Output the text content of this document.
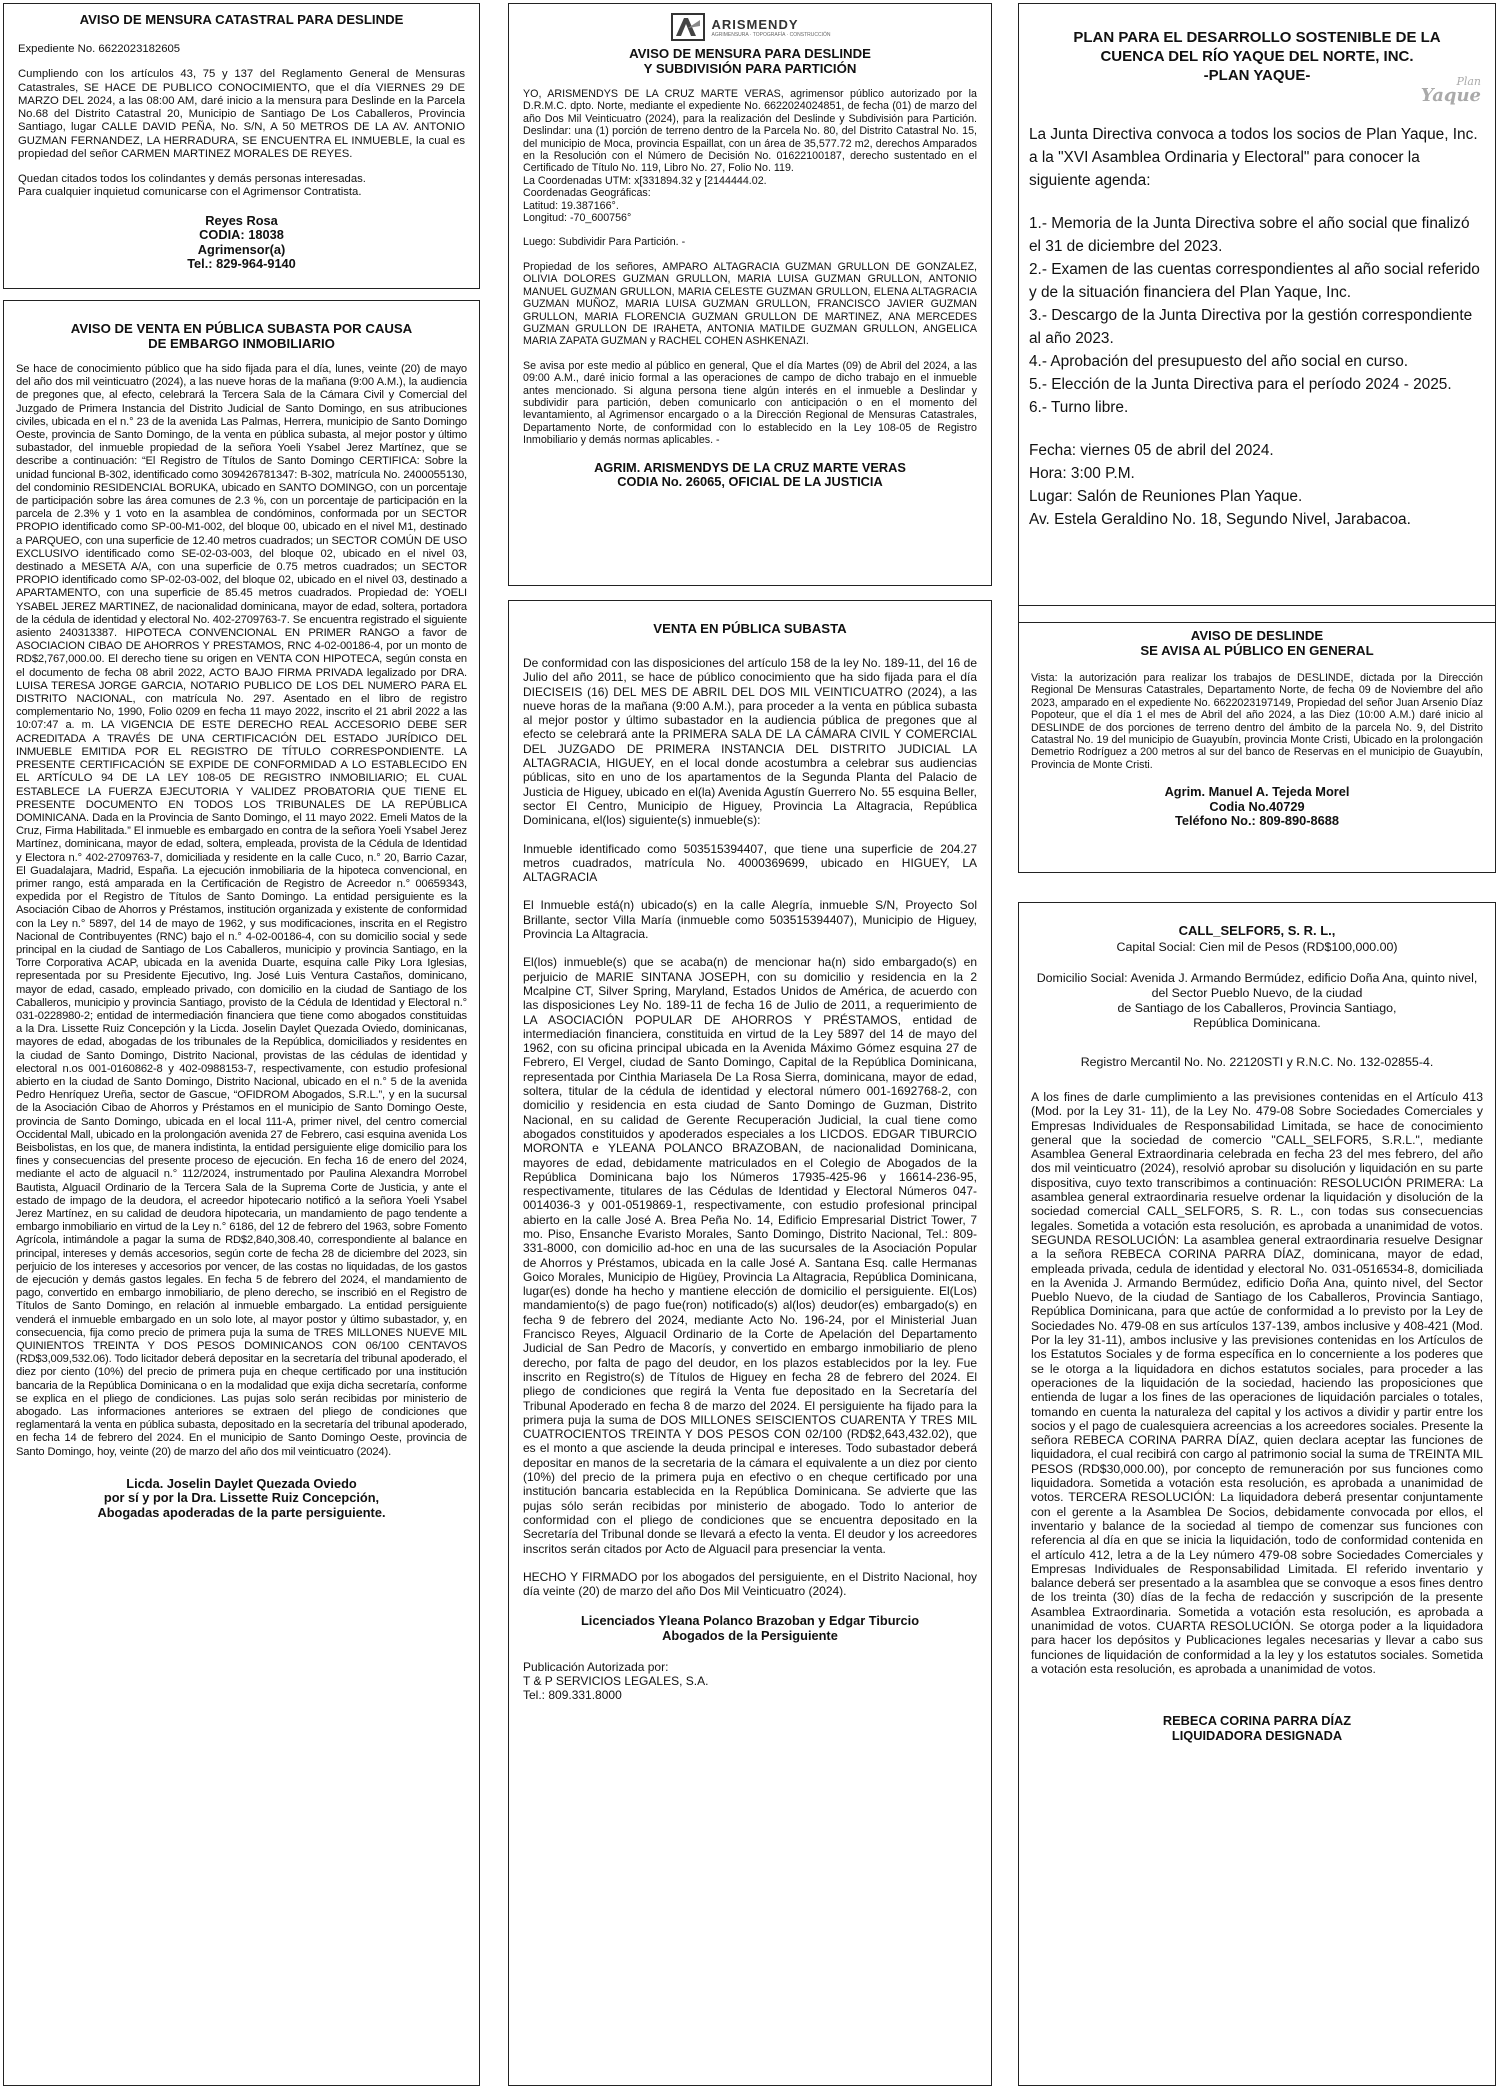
AVISO DE MENSURA CATASTRAL PARA DESLINDE

Expediente No. 6622023182605

Cumpliendo con los artículos 43, 75 y 137 del Reglamento General de Mensuras Catastrales, SE HACE DE PUBLICO CONOCIMIENTO, que el día VIERNES 29 DE MARZO DEL 2024, a las 08:00 AM, daré inicio a la mensura para Deslinde en la Parcela No.68 del Distrito Catastral 20, Municipio de Santiago De Los Caballeros, Provincia Santiago, lugar CALLE DAVID PEÑA, No. S/N, A 50 METROS DE LA AV. ANTONIO GUZMAN FERNANDEZ, LA HERRADURA, SE ENCUENTRA EL INMUEBLE, la cual es propiedad del señor CARMEN MARTINEZ MORALES DE REYES.

Quedan citados todos los colindantes y demás personas interesadas.
Para cualquier inquietud comunicarse con el Agrimensor Contratista.

Reyes Rosa
CODIA: 18038
Agrimensor(a)
Tel.: 829-964-9140

AVISO DE VENTA EN PÚBLICA SUBASTA POR CAUSA
DE EMBARGO INMOBILIARIO

Se hace de conocimiento público que ha sido fijada para el día, lunes, veinte (20) de mayo del año dos mil veinticuatro (2024), a las nueve horas de la mañana (9:00 A.M.), la audiencia de pregones que, al efecto, celebrará la Tercera Sala de la Cámara Civil y Comercial del Juzgado de Primera Instancia del Distrito Judicial de Santo Domingo, en sus atribuciones civiles, ubicada en el n.° 23 de la avenida Las Palmas, Herrera, municipio de Santo Domingo Oeste, provincia de Santo Domingo, de la venta en pública subasta, al mejor postor y último subastador, del inmueble propiedad de la señora Yoeli Ysabel Jerez Martínez, que se describe a continuación: “El Registro de Títulos de Santo Domingo CERTIFICA: Sobre la unidad funcional B-302, identificado como 309426781347: B-302, matrícula No. 2400055130, del condominio RESIDENCIAL BORUKA, ubicado en SANTO DOMINGO, con un porcentaje de participación sobre las área comunes de 2.3 %, con un porcentaje de participación en la parcela de 2.3% y 1 voto en la asamblea de condóminos, conformada por un SECTOR PROPIO identificado como SP-00-M1-002, del bloque 00, ubicado en el nivel M1, destinado a PARQUEO, con una superficie de 12.40 metros cuadrados; un SECTOR COMÚN DE USO EXCLUSIVO identificado como SE-02-03-003, del bloque 02, ubicado en el nivel 03, destinado a MESETA A/A, con una superficie de 0.75 metros cuadrados; un SECTOR PROPIO identificado como SP-02-03-002, del bloque 02, ubicado en el nivel 03, destinado a APARTAMENTO, con una superficie de 85.45 metros cuadrados. Propiedad de: YOELI YSABEL JEREZ MARTINEZ, de nacionalidad dominicana, mayor de edad, soltera, portadora de la cédula de identidad y electoral No. 402-2709763-7. Se encuentra registrado el siguiente asiento 240313387. HIPOTECA CONVENCIONAL EN PRIMER RANGO a favor de ASOCIACION CIBAO DE AHORROS Y PRESTAMOS, RNC 4-02-00186-4, por un monto de RD$2,767,000.00. El derecho tiene su origen en VENTA CON HIPOTECA, según consta en el documento de fecha 08 abril 2022, ACTO BAJO FIRMA PRIVADA legalizado por DRA. LUISA TERESA JORGE GARCIA, NOTARIO PUBLICO DE LOS DEL NUMERO PARA EL DISTRITO NACIONAL, con matrícula No. 297. Asentado en el libro de registro complementario No, 1990, Folio 0209 en fecha 11 mayo 2022, inscrito el 21 abril 2022 a las 10:07:47 a. m. LA VIGENCIA DE ESTE DERECHO REAL ACCESORIO DEBE SER ACREDITADA A TRAVÉS DE UNA CERTIFICACIÓN DEL ESTADO JURÍDICO DEL INMUEBLE EMITIDA POR EL REGISTRO DE TÍTULO CORRESPONDIENTE. LA PRESENTE CERTIFICACIÓN SE EXPIDE DE CONFORMIDAD A LO ESTABLECIDO EN EL ARTÍCULO 94 DE LA LEY 108-05 DE REGISTRO INMOBILIARIO; EL CUAL ESTABLECE LA FUERZA EJECUTORIA Y VALIDEZ PROBATORIA QUE TIENE EL PRESENTE DOCUMENTO EN TODOS LOS TRIBUNALES DE LA REPÚBLICA DOMINICANA. Dada en la Provincia de Santo Domingo, el 11 mayo 2022. Emeli Matos de la Cruz, Firma Habilitada.” El inmueble es embargado en contra de la señora Yoeli Ysabel Jerez Martínez, dominicana, mayor de edad, soltera, empleada, provista de la Cédula de Identidad y Electora n.° 402-2709763-7, domiciliada y residente en la calle Cuco, n.° 20, Barrio Cazar, El Guadalajara, Madrid, España. La ejecución inmobiliaria de la hipoteca convencional, en primer rango, está amparada en la Certificación de Registro de Acreedor n.° 00659343, expedida por el Registro de Títulos de Santo Domingo. La entidad persiguiente es la Asociación Cibao de Ahorros y Préstamos, institución organizada y existente de conformidad con la Ley n.° 5897, del 14 de mayo de 1962, y sus modificaciones, inscrita en el Registro Nacional de Contribuyentes (RNC) bajo el n.° 4-02-00186-4, con su domicilio social y sede principal en la ciudad de Santiago de Los Caballeros, municipio y provincia Santiago, en la Torre Corporativa ACAP, ubicada en la avenida Duarte, esquina calle Piky Lora Iglesias, representada por su Presidente Ejecutivo, Ing. José Luis Ventura Castaños, dominicano, mayor de edad, casado, empleado privado, con domicilio en la ciudad de Santiago de los Caballeros, municipio y provincia Santiago, provisto de la Cédula de Identidad y Electoral n.° 031-0228980-2; entidad de intermediación financiera que tiene como abogados constituidas a la Dra. Lissette Ruiz Concepción y la Licda. Joselin Daylet Quezada Oviedo, dominicanas, mayores de edad, abogadas de los tribunales de la República, domiciliados y residentes en la ciudad de Santo Domingo, Distrito Nacional, provistas de las cédulas de identidad y electoral n.os 001-0160862-8 y 402-0988153-7, respectivamente, con estudio profesional abierto en la ciudad de Santo Domingo, Distrito Nacional, ubicado en el n.° 5 de la avenida Pedro Henríquez Ureña, sector de Gascue, “OFIDROM Abogados, S.R.L.”, y en la sucursal de la Asociación Cibao de Ahorros y Préstamos en el municipio de Santo Domingo Oeste, provincia de Santo Domingo, ubicada en el local 111-A, primer nivel, del centro comercial Occidental Mall, ubicado en la prolongación avenida 27 de Febrero, casi esquina avenida Los Beisbolistas, en los que, de manera indistinta, la entidad persiguiente elige domicilio para los fines y consecuencias del presente proceso de ejecución. En fecha 16 de enero del 2024, mediante el acto de alguacil n.° 112/2024, instrumentado por Paulina Alexandra Morrobel Bautista, Alguacil Ordinario de la Tercera Sala de la Suprema Corte de Justicia, y ante el estado de impago de la deudora, el acreedor hipotecario notificó a la señora Yoeli Ysabel Jerez Martínez, en su calidad de deudora hipotecaria, un mandamiento de pago tendente a embargo inmobiliario en virtud de la Ley n.° 6186, del 12 de febrero del 1963, sobre Fomento Agrícola, intimándole a pagar la suma de RD$2,840,308.40, correspondiente al balance en principal, intereses y demás accesorios, según corte de fecha 28 de diciembre del 2023, sin perjuicio de los intereses y accesorios por vencer, de las costas no liquidadas, de los gastos de ejecución y demás gastos legales. En fecha 5 de febrero del 2024, el mandamiento de pago, convertido en embargo inmobiliario, de pleno derecho, se inscribió en el Registro de Títulos de Santo Domingo, en relación al inmueble embargado. La entidad persiguiente venderá el inmueble embargado en un solo lote, al mayor postor y último subastador, y, en consecuencia, fija como precio de primera puja la suma de TRES MILLONES NUEVE MIL QUINIENTOS TREINTA Y DOS PESOS DOMINICANOS CON 06/100 CENTAVOS (RD$3,009,532.06). Todo licitador deberá depositar en la secretaría del tribunal apoderado, el diez por ciento (10%) del precio de primera puja en cheque certificado por una institución bancaria de la República Dominicana o en la modalidad que exija dicha secretaría, conforme se explica en el pliego de condiciones. Las pujas solo serán recibidas por ministerio de abogado. Las informaciones anteriores se extraen del pliego de condiciones que reglamentará la venta en pública subasta, depositado en la secretaría del tribunal apoderado, en fecha 14 de febrero del 2024. En el municipio de Santo Domingo Oeste, provincia de Santo Domingo, hoy, veinte (20) de marzo del año dos mil veinticuatro (2024).

Licda. Joselin Daylet Quezada Oviedo
por sí y por la Dra. Lissette Ruiz Concepción,
Abogadas apoderadas de la parte persiguiente.

ARISMENDY
AGRIMENSURA · TOPOGRAFÍA · CONSTRUCCIÓN

AVISO DE MENSURA PARA DESLINDE
Y SUBDIVISIÓN PARA PARTICIÓN

YO, ARISMENDYS DE LA CRUZ MARTE VERAS, agrimensor público autorizado por la D.R.M.C. dpto. Norte, mediante el expediente No. 6622024024851, de fecha (01) de marzo del año Dos Mil Veinticuatro (2024), para la realización del Deslinde y Subdivisión para Partición. Deslindar: una (1) porción de terreno dentro de la Parcela No. 80, del Distrito Catastral No. 15, del municipio de Moca, provincia Espaillat, con un área de 35,577.72 m2, derechos Amparados en la Resolución con el Número de Decisión No. 01622100187, derecho sustentado en el Certificado de Título No. 119, Libro No. 27, Folio No. 119.
La Coordenadas UTM: x[331894.32 y [2144444.02.
Coordenadas Geográficas:
Latitud: 19.387166°.
Longitud: -70_600756°

Luego: Subdividir Para Partición. -

Propiedad de los señores, AMPARO ALTAGRACIA GUZMAN GRULLON DE GONZALEZ, OLIVIA DOLORES GUZMAN GRULLON, MARIA LUISA GUZMAN GRULLON, ANTONIO MANUEL GUZMAN GRULLON, MARIA CELESTE GUZMAN GRULLON, ELENA ALTAGRACIA GUZMAN MUÑOZ, MARIA LUISA GUZMAN GRULLON, FRANCISCO JAVIER GUZMAN GRULLON, MARIA FLORENCIA GUZMAN GRULLON DE MARTINEZ, ANA MERCEDES GUZMAN GRULLON DE IRAHETA, ANTONIA MATILDE GUZMAN GRULLON, ANGELICA MARIA ZAPATA GUZMAN y RACHEL COHEN ASHKENAZI.

Se avisa por este medio al público en general, Que el día Martes (09) de Abril del 2024, a las 09:00 A.M., daré inicio formal a las operaciones de campo de dicho trabajo en el inmueble antes mencionado. Si alguna persona tiene algún interés en el inmueble a Deslindar y subdividir para partición, deben comunicarlo con anticipación o en el momento del levantamiento, al Agrimensor encargado o a la Dirección Regional de Mensuras Catastrales, Departamento Norte, de conformidad con lo establecido en la Ley 108-05 de Registro Inmobiliario y demás normas aplicables. -

AGRIM. ARISMENDYS DE LA CRUZ MARTE VERAS
CODIA No. 26065, OFICIAL DE LA JUSTICIA

VENTA EN PÚBLICA SUBASTA

De conformidad con las disposiciones del artículo 158 de la ley No. 189-11, del 16 de Julio del año 2011, se hace de público conocimiento que ha sido fijada para el día DIECISEIS (16) DEL MES DE ABRIL DEL DOS MIL VEINTICUATRO (2024), a las nueve horas de la mañana (9:00 A.M.), para proceder a la venta en pública subasta al mejor postor y último subastador en la audiencia pública de pregones que al efecto se celebrará ante la PRIMERA SALA DE LA CÁMARA CIVIL Y COMERCIAL DEL JUZGADO DE PRIMERA INSTANCIA DEL DISTRITO JUDICIAL LA ALTAGRACIA, HIGUEY, en el local donde acostumbra a celebrar sus audiencias públicas, sito en uno de los apartamentos de la Segunda Planta del Palacio de Justicia de Higuey, ubicado en el(la) Avenida Agustín Guerrero No. 55 esquina Beller, sector El Centro, Municipio de Higuey, Provincia La Altagracia, República Dominicana, el(los) siguiente(s) inmueble(s):

Inmueble identificado como 503515394407, que tiene una superficie de 204.27 metros cuadrados, matrícula No. 4000369699, ubicado en HIGUEY, LA ALTAGRACIA

El Inmueble está(n) ubicado(s) en la calle Alegría, inmueble S/N, Proyecto Sol Brillante, sector Villa María (inmueble como 503515394407), Municipio de Higuey, Provincia La Altagracia.

El(los) inmueble(s) que se acaba(n) de mencionar ha(n) sido embargado(s) en perjuicio de MARIE SINTANA JOSEPH, con su domicilio y residencia en la 2 Mcalpine CT, Silver Spring, Maryland, Estados Unidos de América, de acuerdo con las disposiciones Ley No. 189-11 de fecha 16 de Julio de 2011, a requerimiento de LA ASOCIACIÓN POPULAR DE AHORROS Y PRÉSTAMOS, entidad de intermediación financiera, constituida en virtud de la Ley 5897 del 14 de mayo del 1962, con su oficina principal ubicada en la Avenida Máximo Gómez esquina 27 de Febrero, El Vergel, ciudad de Santo Domingo, Capital de la República Dominicana, representada por Cinthia Mariasela De La Rosa Sierra, dominicana, mayor de edad, soltera, titular de la cédula de identidad y electoral número 001-1692768-2, con domicilio y residencia en esta ciudad de Santo Domingo de Guzman, Distrito Nacional, en su calidad de Gerente Recuperación Judicial, la cual tiene como abogados constituidos y apoderados especiales a los LICDOS. EDGAR TIBURCIO MORONTA e YLEANA POLANCO BRAZOBAN, de nacionalidad Dominicana, mayores de edad, debidamente matriculados en el Colegio de Abogados de la República Dominicana bajo los Números 17935-425-96 y 16614-236-95, respectivamente, titulares de las Cédulas de Identidad y Electoral Números 047-0014036-3 y 001-0519869-1, respectivamente, con estudio profesional principal abierto en la calle José A. Brea Peña No. 14, Edificio Empresarial District Tower, 7 mo. Piso, Ensanche Evaristo Morales, Santo Domingo, Distrito Nacional, Tel.: 809-331-8000, con domicilio ad-hoc en una de las sucursales de la Asociación Popular de Ahorros y Préstamos, ubicada en la calle José A. Santana Esq. calle Hermanas Goico Morales, Municipio de Higüey, Provincia La Altagracia, República Dominicana, lugar(es) donde ha hecho y mantiene elección de domicilio el persiguiente. El(Los) mandamiento(s) de pago fue(ron) notificado(s) al(los) deudor(es) embargado(s) en fecha 9 de febrero del 2024, mediante Acto No. 196-24, por el Ministerial Juan Francisco Reyes, Alguacil Ordinario de la Corte de Apelación del Departamento Judicial de San Pedro de Macorís, y convertido en embargo inmobiliario de pleno derecho, por falta de pago del deudor, en los plazos establecidos por la ley. Fue inscrito en Registro(s) de Títulos de Higuey en fecha 28 de febrero del 2024. El pliego de condiciones que regirá la Venta fue depositado en la Secretaría del Tribunal Apoderado en fecha 8 de marzo del 2024. El persiguiente ha fijado para la primera puja la suma de DOS MILLONES SEISCIENTOS CUARENTA Y TRES MIL CUATROCIENTOS TREINTA Y DOS PESOS CON 02/100 (RD$2,643,432.02), que es el monto a que asciende la deuda principal e intereses. Todo subastador deberá depositar en manos de la secretaria de la cámara el equivalente a un diez por ciento (10%) del precio de la primera puja en efectivo o en cheque certificado por una institución bancaria establecida en la República Dominicana. Se advierte que las pujas sólo serán recibidas por ministerio de abogado. Todo lo anterior de conformidad con el pliego de condiciones que se encuentra depositado en la Secretaría del Tribunal donde se llevará a efecto la venta. El deudor y los acreedores inscritos serán citados por Acto de Alguacil para presenciar la venta.

HECHO Y FIRMADO por los abogados del persiguiente, en el Distrito Nacional, hoy día veinte (20) de marzo del año Dos Mil Veinticuatro (2024).

Licenciados Yleana Polanco Brazoban y Edgar Tiburcio
Abogados de la Persiguiente

Publicación Autorizada por:
T & P SERVICIOS LEGALES, S.A.
Tel.: 809.331.8000

PLAN PARA EL DESARROLLO SOSTENIBLE DE LA
CUENCA DEL RÍO YAQUE DEL NORTE, INC.
-PLAN YAQUE-	Plan
Yaque

La Junta Directiva convoca a todos los socios de Plan Yaque, Inc. a la "XVI Asamblea Ordinaria y Electoral" para conocer la siguiente agenda:

1.- Memoria de la Junta Directiva sobre el año social que finalizó el 31 de diciembre del 2023.
2.- Examen de las cuentas correspondientes al año social referido y de la situación financiera del Plan Yaque, Inc.
3.- Descargo de la Junta Directiva por la gestión correspondiente al año 2023.
4.- Aprobación del presupuesto del año social en curso.
5.- Elección de la Junta Directiva para el período 2024 - 2025.
6.- Turno libre.

Fecha: viernes 05 de abril del 2024.
Hora: 3:00 P.M.
Lugar: Salón de Reuniones Plan Yaque.
Av. Estela Geraldino No. 18, Segundo Nivel, Jarabacoa.

AVISO DE DESLINDE
SE AVISA AL PÚBLICO EN GENERAL

Vista: la autorización para realizar los trabajos de DESLINDE, dictada por la Dirección Regional De Mensuras Catastrales, Departamento Norte, de fecha 09 de Noviembre del año 2023, amparado en el expediente No. 6622023197149, Propiedad del señor Juan Arsenio Díaz Popoteur, que el día 1 el mes de Abril del año 2024, a las Diez (10:00 A.M.) daré inicio al DESLINDE de dos porciones de terreno dentro del ámbito de la parcela No. 9, del Distrito Catastral No. 19 del municipio de Guayubín, provincia Monte Cristi, Ubicado en la prolongación Demetrio Rodríguez a 200 metros al sur del banco de Reservas en el municipio de Guayubín, Provincia de Monte Cristi.

Agrim. Manuel A. Tejeda Morel
Codia No.40729
Teléfono No.: 809-890-8688

CALL_SELFOR5, S. R. L.,

Capital Social: Cien mil de Pesos (RD$100,000.00)

Domicilio Social: Avenida J. Armando Bermúdez, edificio Doña Ana, quinto nivel, del Sector Pueblo Nuevo, de la ciudad
de Santiago de los Caballeros, Provincia Santiago,
República Dominicana.

Registro Mercantil No. No. 22120STI y R.N.C. No. 132-02855-4.

A los fines de darle cumplimiento a las previsiones contenidas en el Artículo 413 (Mod. por la Ley 31- 11), de la Ley No. 479-08 Sobre Sociedades Comerciales y Empresas Individuales de Responsabilidad Limitada, se hace de conocimiento general que la sociedad de comercio "CALL_SELFOR5, S.R.L.", mediante Asamblea General Extraordinaria celebrada en fecha 23 del mes febrero, del año dos mil veinticuatro (2024), resolvió aprobar su disolución y liquidación en su parte dispositiva, cuyo texto transcribimos a continuación: RESOLUCIÓN PRIMERA: La asamblea general extraordinaria resuelve ordenar la liquidación y disolución de la sociedad comercial CALL_SELFOR5, S. R. L., con todas sus consecuencias legales. Sometida a votación esta resolución, es aprobada a unanimidad de votos. SEGUNDA RESOLUCIÓN: La asamblea general extraordinaria resuelve Designar a la señora REBECA CORINA PARRA DÍAZ, dominicana, mayor de edad, empleada privada, cedula de identidad y electoral No. 031-0516534-8, domiciliada en la Avenida J. Armando Bermúdez, edificio Doña Ana, quinto nivel, del Sector Pueblo Nuevo, de la ciudad de Santiago de los Caballeros, Provincia Santiago, República Dominicana, para que actúe de conformidad a lo previsto por la Ley de Sociedades No. 479-08 en sus artículos 137-139, ambos inclusive y 408-421 (Mod. Por la ley 31-11), ambos inclusive y las previsiones contenidas en los Artículos de los Estatutos Sociales y de forma específica en lo concerniente a los poderes que se le otorga a la liquidadora en dichos estatutos sociales, para proceder a las operaciones de la liquidación de la sociedad, haciendo las proposiciones que entienda de lugar a los fines de las operaciones de liquidación parciales o totales, tomando en cuenta la naturaleza del capital y los activos a dividir y partir entre los socios y el pago de cualesquiera acreencias a los acreedores sociales. Presente la señora REBECA CORINA PARRA DÍAZ, quien declara aceptar las funciones de liquidadora, el cual recibirá con cargo al patrimonio social la suma de TREINTA MIL PESOS (RD$30,000.00), por concepto de remuneración por sus funciones como liquidadora. Sometida a votación esta resolución, es aprobada a unanimidad de votos. TERCERA RESOLUCIÓN: La liquidadora deberá presentar conjuntamente con el gerente a la Asamblea De Socios, debidamente convocada por ellos, el inventario y balance de la sociedad al tiempo de comenzar sus funciones con referencia al día en que se inicia la liquidación, todo de conformidad contenida en el artículo 412, letra a de la Ley número 479-08 sobre Sociedades Comerciales y Empresas Individuales de Responsabilidad Limitada. El referido inventario y balance deberá ser presentado a la asamblea que se convoque a esos fines dentro de los treinta (30) días de la fecha de redacción y suscripción de la presente Asamblea Extraordinaria. Sometida a votación esta resolución, es aprobada a unanimidad de votos. CUARTA RESOLUCIÓN. Se otorga poder a la liquidadora para hacer los depósitos y Publicaciones legales necesarias y llevar a cabo sus funciones de liquidación de conformidad a la ley y los estatutos sociales. Sometida a votación esta resolución, es aprobada a unanimidad de votos.

REBECA CORINA PARRA DÍAZ
LIQUIDADORA DESIGNADA
